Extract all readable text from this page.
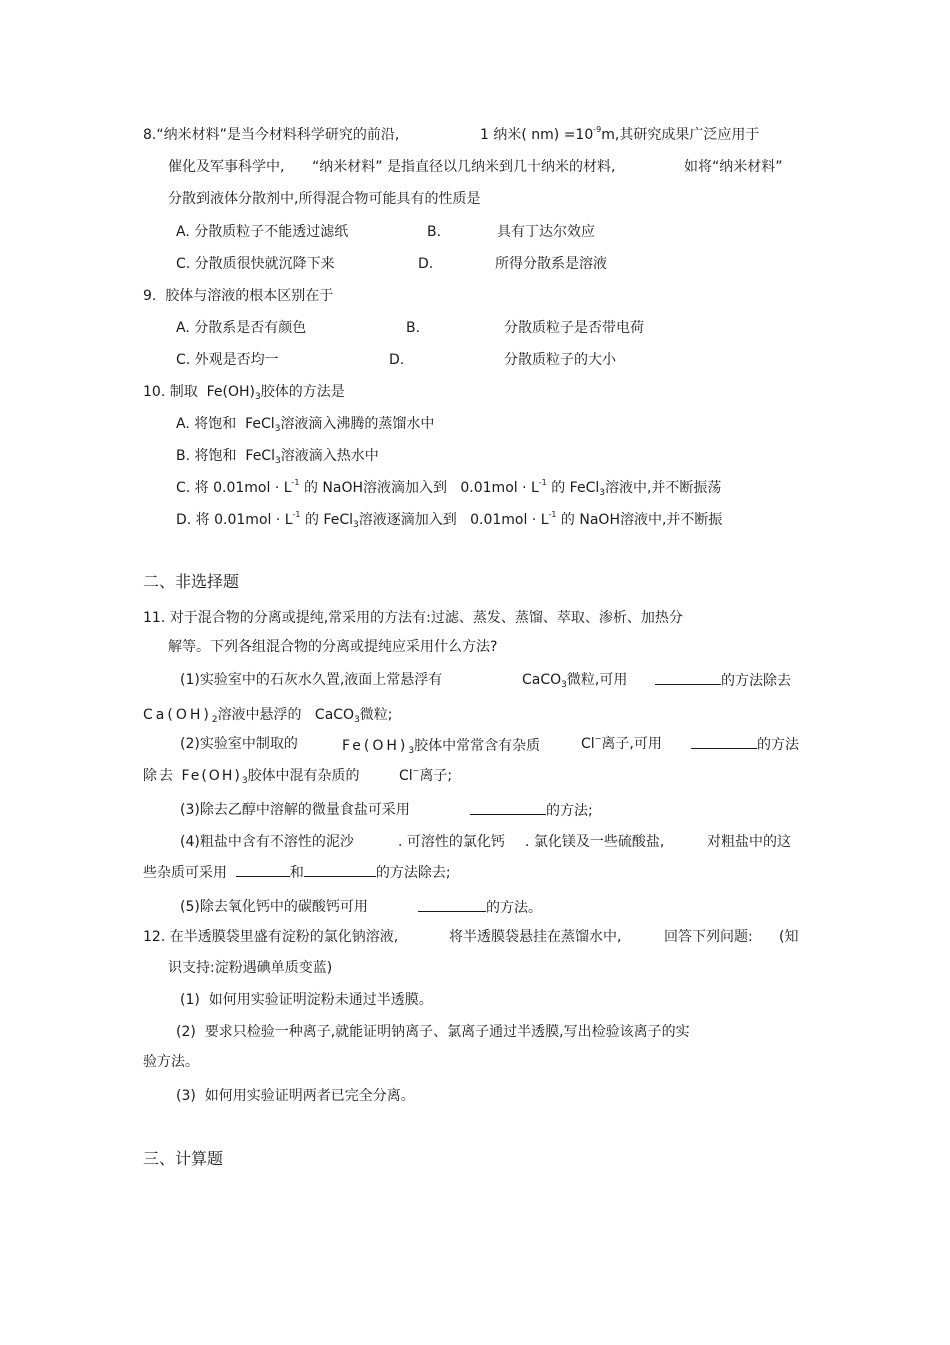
8.“纳米材料”是当今材料科学研究的前沿,	1 纳米( $nm) =10^{-9}m$,其研究成果广泛应用于
催化及军事科学中, “纳米材料” 是指直径以几纳米到几十纳米的材料,	如将“纳米材料”
分散到液体分散剂中,所得混合物可能具有的性质是
A. 分散质粒子不能透过滤纸	B.	具有丁达尔效应
C. 分散质很快就沉降下来	D.	所得分散系是溶液
9.  胶体与溶液的根本区别在于
A. 分散系是否有颜色	B.	分散质粒子是否带电荷
C. 外观是否均一	D.	分散质粒子的大小
10. 制取  $Fe(OH)_3$胶体的方法是
A. 将饱和  FeCl$_3$溶液滴入沸腾的蒸馏水中
B. 将饱和  FeCl$_3$溶液滴入热水中
C. 将 $0.01mol \cdot L^{-1}$ 的 NaOH溶液滴加入到   $0.01mol \cdot L^{-1}$ 的 FeCl$_3$溶液中,并不断振荡
D. 将 $0.01mol \cdot L^{-1}$ 的 FeCl$_3$溶液逐滴加入到   $0.01mol \cdot L^{-1}$ 的 NaOH溶液中,并不断振
二、非选择题
11. 对于混合物的分离或提纯,常采用的方法有:过滤、蒸发、蒸馏、萃取、渗析、加热分
解等。下列各组混合物的分离或提纯应采用什么方法?
(1)实验室中的石灰水久置,液面上常悬浮有	CaCO$_3$微粒,可用	的方法除去
$Ca(OH)_2$溶液中悬浮的   CaCO$_3$微粒;
(2)实验室中制取的	$Fe(OH)_3$胶体中常常含有杂质	Cl−离子,可用	的方法
除去 $Fe(OH)_3$胶体中混有杂质的	Cl−离子;
(3)除去乙醇中溶解的微量食盐可采用	的方法;
(4)粗盐中含有不溶性的泥沙	. 可溶性的氯化钙 . 氯化镁及一些硫酸盐,	对粗盐中的这
些杂质可采用	和	的方法除去;
(5)除去氧化钙中的碳酸钙可用	的方法。
12. 在半透膜袋里盛有淀粉的氯化钠溶液,	将半透膜袋悬挂在蒸馏水中,	回答下列问题: (知
识支持:淀粉遇碘单质变蓝)
(1)  如何用实验证明淀粉未通过半透膜。
(2)  要求只检验一种离子,就能证明钠离子、氯离子通过半透膜,写出检验该离子的实
验方法。
(3)  如何用实验证明两者已完全分离。
三、计算题
